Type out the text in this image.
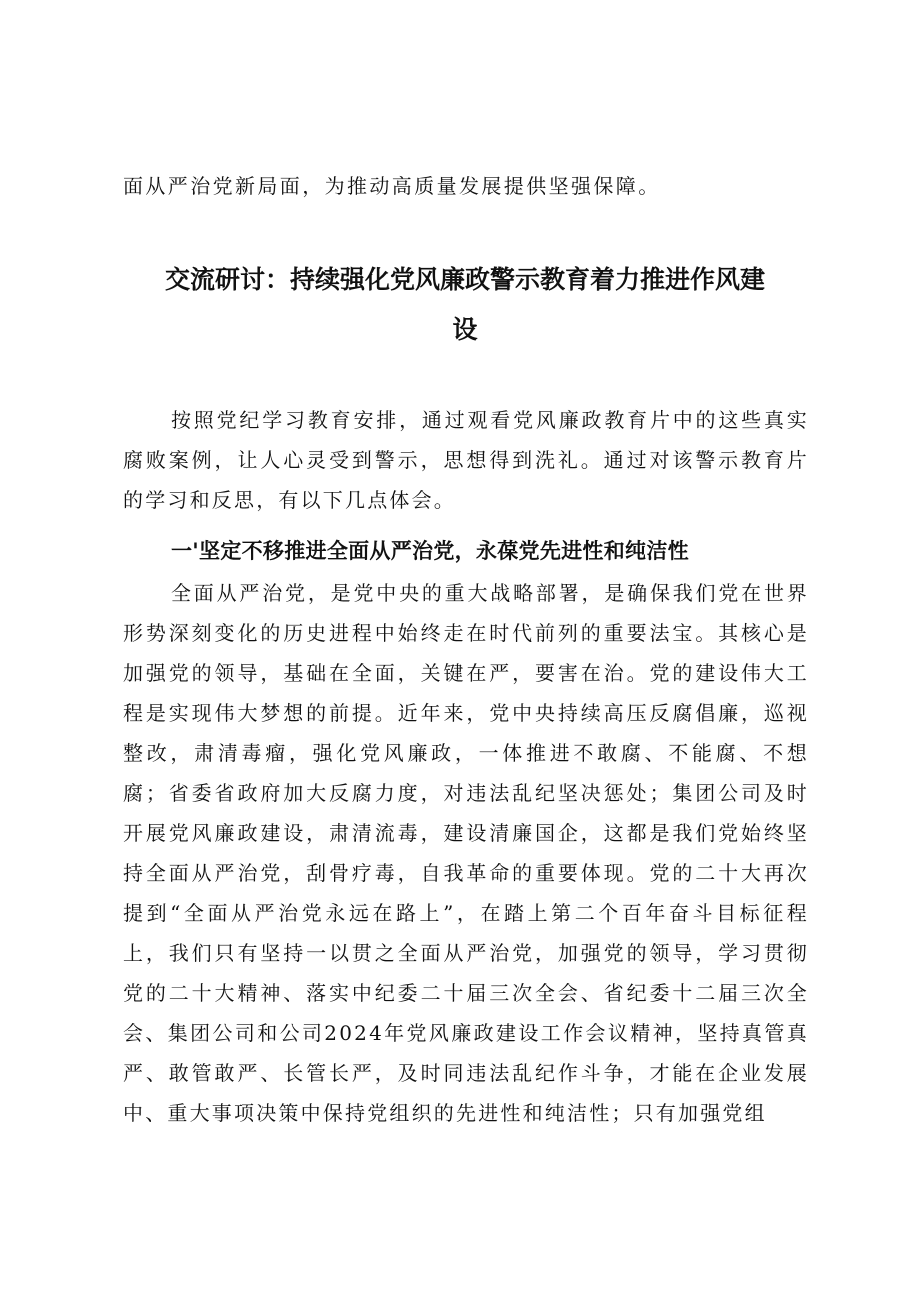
面从严治党新局面，为推动高质量发展提供坚强保障。
交流研讨：持续强化党风廉政警示教育着力推进作风建
设
按照党纪学习教育安排，通过观看党风廉政教育片中的这些真实腐败案例，让人心灵受到警示，思想得到洗礼。通过对该警示教育片的学习和反思，有以下几点体会。
一'坚定不移推进全面从严治党，永葆党先进性和纯洁性
全面从严治党，是党中央的重大战略部署，是确保我们党在世界形势深刻变化的历史进程中始终走在时代前列的重要法宝。其核心是加强党的领导，基础在全面，关键在严，要害在治。党的建设伟大工程是实现伟大梦想的前提。近年来，党中央持续高压反腐倡廉，巡视整改，肃清毒瘤，强化党风廉政，一体推进不敢腐、不能腐、不想腐；省委省政府加大反腐力度，对违法乱纪坚决惩处；集团公司及时开展党风廉政建设，肃清流毒，建设清廉国企，这都是我们党始终坚持全面从严治党，刮骨疗毒，自我革命的重要体现。党的二十大再次提到“全面从严治党永远在路上”，在踏上第二个百年奋斗目标征程上，我们只有坚持一以贯之全面从严治党，加强党的领导，学习贯彻党的二十大精神、落实中纪委二十届三次全会、省纪委十二届三次全会、集团公司和公司2024年党风廉政建设工作会议精神，坚持真管真严、敢管敢严、长管长严，及时同违法乱纪作斗争，才能在企业发展中、重大事项决策中保持党组织的先进性和纯洁性；只有加强党组
